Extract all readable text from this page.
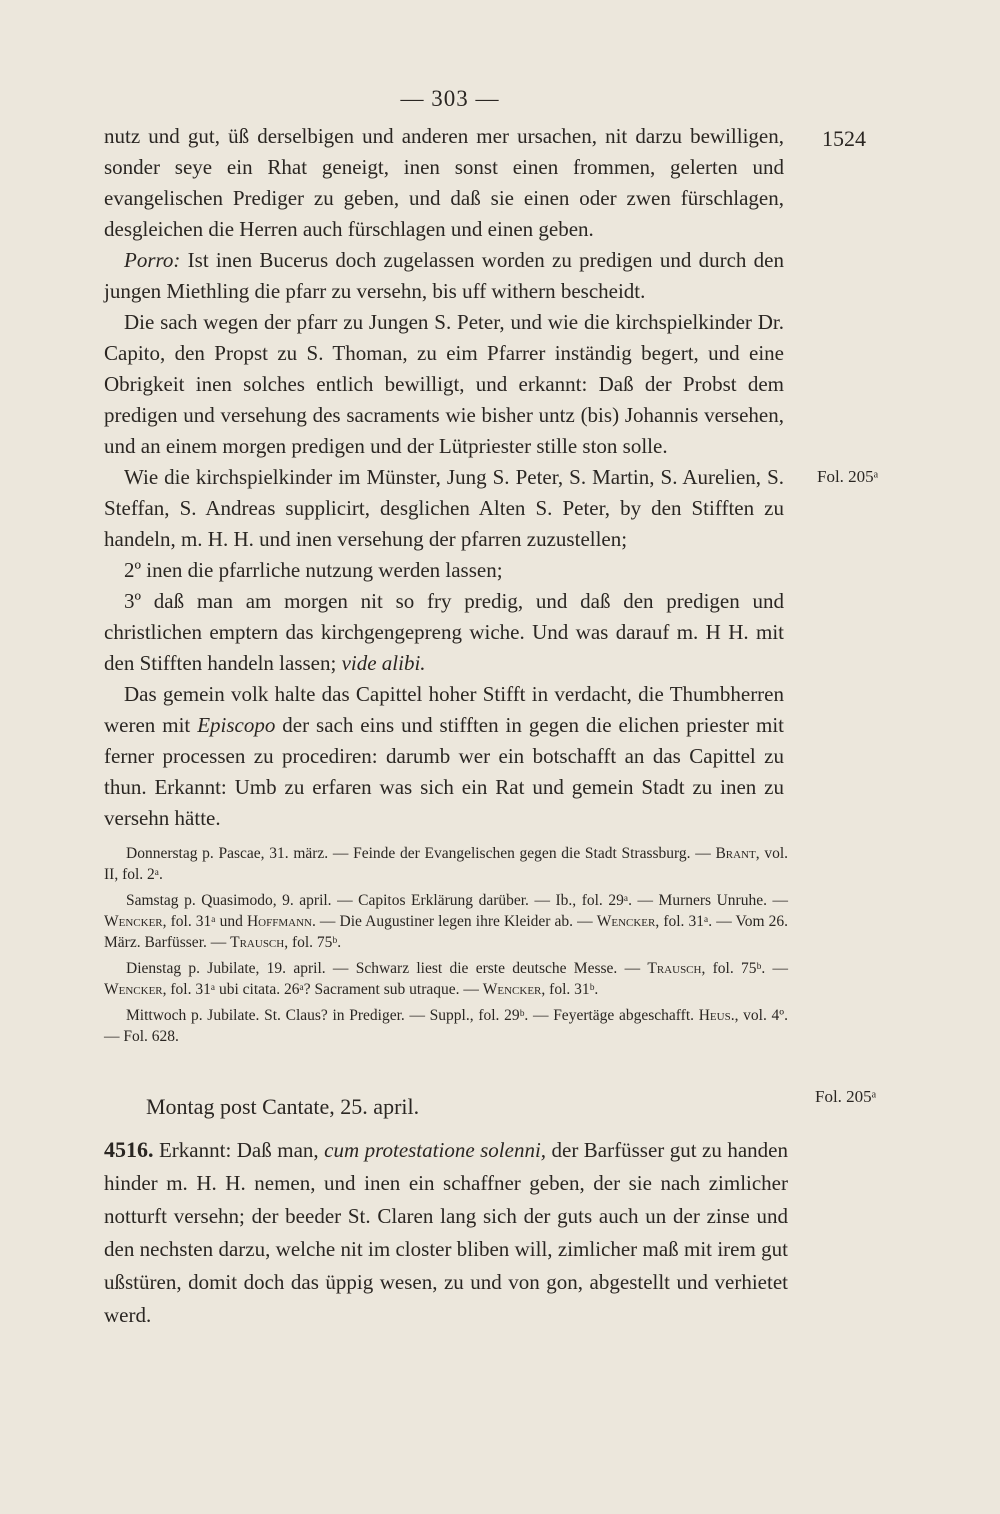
— 303 —
1524
Fol. 205ᵃ
Fol. 205ᵃ

nutz und gut, üß derselbigen und anderen mer ursachen, nit darzu bewilligen, sonder seye ein Rhat geneigt, inen sonst einen frommen, gelerten und evangelischen Prediger zu geben, und daß sie einen oder zwen fürschlagen, desgleichen die Herren auch fürschlagen und einen geben.

Porro: Ist inen Bucerus doch zugelassen worden zu predigen und durch den jungen Miethling die pfarr zu versehn, bis uff withern bescheidt.

Die sach wegen der pfarr zu Jungen S. Peter, und wie die kirchspielkinder Dr. Capito, den Propst zu S. Thoman, zu eim Pfarrer inständig begert, und eine Obrigkeit inen solches entlich bewilligt, und erkannt: Daß der Probst dem predigen und versehung des sacraments wie bisher untz (bis) Johannis versehen, und an einem morgen predigen und der Lütpriester stille ston solle.

Wie die kirchspielkinder im Münster, Jung S. Peter, S. Martin, S. Aurelien, S. Steffan, S. Andreas supplicirt, desglichen Alten S. Peter, by den Stifften zu handeln, m. H. H. und inen versehung der pfarren zuzustellen;

2º inen die pfarrliche nutzung werden lassen;

3º daß man am morgen nit so fry predig, und daß den predigen und christlichen emptern das kirchgengepreng wiche. Und was darauf m. H H. mit den Stifften handeln lassen; vide alibi.

Das gemein volk halte das Capittel hoher Stifft in verdacht, die Thumbherren weren mit Episcopo der sach eins und stifften in gegen die elichen priester mit ferner processen zu procediren: darumb wer ein botschafft an das Capittel zu thun. Erkannt: Umb zu erfaren was sich ein Rat und gemein Stadt zu inen zu versehn hätte.

Donnerstag p. Pascae, 31. märz. — Feinde der Evangelischen gegen die Stadt Strassburg. — Brant, vol. II, fol. 2ᵃ.

Samstag p. Quasimodo, 9. april. — Capitos Erklärung darüber. — Ib., fol. 29ᵃ. — Murners Unruhe. — Wencker, fol. 31ᵃ und Hoffmann. — Die Augustiner legen ihre Kleider ab. — Wencker, fol. 31ᵃ. — Vom 26. März. Barfüsser. — Trausch, fol. 75ᵇ.

Dienstag p. Jubilate, 19. april. — Schwarz liest die erste deutsche Messe. — Trausch, fol. 75ᵇ. — Wencker, fol. 31ᵃ ubi citata. 26ᵃ? Sacrament sub utraque. — Wencker, fol. 31ᵇ.

Mittwoch p. Jubilate. St. Claus? in Prediger. — Suppl., fol. 29ᵇ. — Feyertäge abgeschafft. Heus., vol. 4º. — Fol. 628.

Montag post Cantate, 25. april.

4516. Erkannt: Daß man, cum protestatione solenni, der Barfüsser gut zu handen hinder m. H. H. nemen, und inen ein schaffner geben, der sie nach zimlicher notturft versehn; der beeder St. Claren lang sich der guts auch un der zinse und den nechsten darzu, welche nit im closter bliben will, zimlicher maß mit irem gut ußstüren, domit doch das üppig wesen, zu und von gon, abgestellt und verhietet werd.
